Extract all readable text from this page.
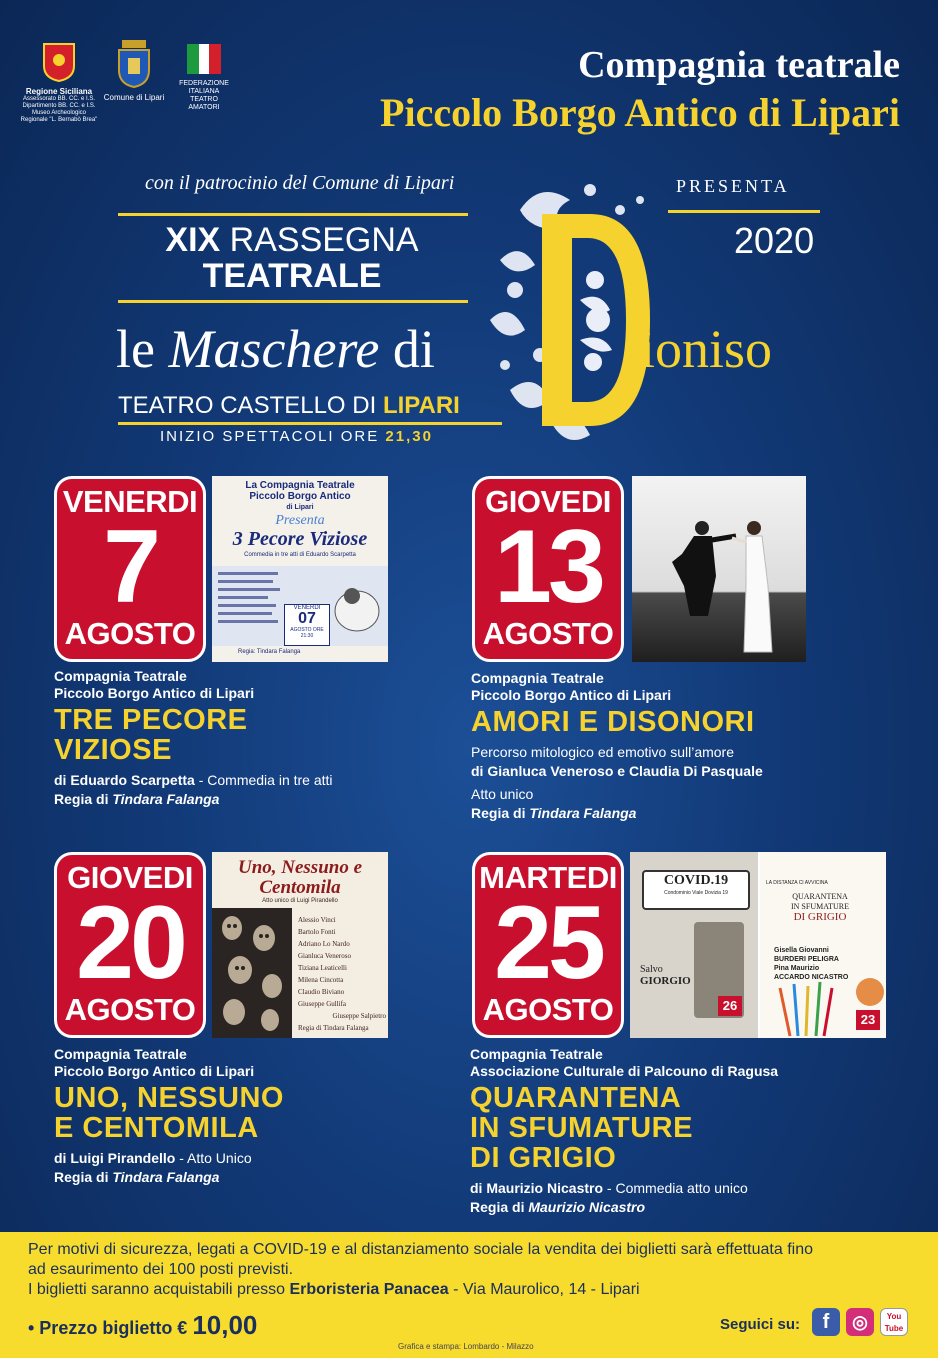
Regione Siciliana
Assessorato BB. CC. e I.S. Dipartimento BB. CC. e I.S. Museo Archeologico Regionale "L. Bernabò Brea"
Comune di Lipari
FEDERAZIONE ITALIANA TEATRO AMATORI
Compagnia teatrale
Piccolo Borgo Antico di Lipari
con il patrocinio del Comune di Lipari	PRESENTA
2020
XIX RASSEGNA
TEATRALE
le Maschere di	ioniso
TEATRO CASTELLO DI LIPARI
INIZIO SPETTACOLI ORE 21,30
VENERDI
7
AGOSTO
La Compagnia Teatrale
Piccolo Borgo Antico
di Lipari
Presenta
3 Pecore Viziose
Commedia in tre atti di Eduardo Scarpetta
VENERDI
07
AGOSTO ORE 21:30
Regia: Tindara Falanga
Compagnia Teatrale
Piccolo Borgo Antico di Lipari
TRE PECORE
VIZIOSE
di Eduardo Scarpetta - Commedia in tre atti
Regia di Tindara Falanga
GIOVEDI
13
AGOSTO
Compagnia Teatrale
Piccolo Borgo Antico di Lipari
AMORI E DISONORI
Percorso mitologico ed emotivo sull’amore
di Gianluca Veneroso e Claudia Di Pasquale
Atto unico
Regia di Tindara Falanga
GIOVEDI
20
AGOSTO
Uno, Nessuno e
Centomila
Atto unico di Luigi Pirandello
Alessio Vinci
Bartolo Fonti
Adriano Lo Nardo
Gianluca Veneroso
Tiziana Leaticelli
Milena Cincotta
Claudio Biviano
Giuseppe Gullifa
Giuseppe Salpietro
Regia di Tindara Falanga
Compagnia Teatrale
Piccolo Borgo Antico di Lipari
UNO, NESSUNO
E CENTOMILA
di Luigi Pirandello - Atto Unico
Regia di Tindara Falanga
MARTEDI
25
AGOSTO
COVID.19
Condominio Viale Dovizia 19
Salvo
GIORGIO
26
LA DISTANZA CI AVVICINA
QUARANTENA
IN SFUMATURE
DI GRIGIO
Gisella Giovanni
BURDERI PELIGRA
Pina Maurizio
ACCARDO NICASTRO
23
Compagnia Teatrale
Associazione Culturale di Palcouno di Ragusa
QUARANTENA
IN SFUMATURE
DI GRIGIO
di Maurizio Nicastro - Commedia atto unico
Regia di Maurizio Nicastro
Per motivi di sicurezza, legati a COVID-19 e al distanziamento sociale la vendita dei biglietti sarà effettuata fino
ad esaurimento dei 100 posti previsti.
I biglietti saranno acquistabili presso Erboristeria Panacea - Via Maurolico, 14 - Lipari
• Prezzo biglietto € 10,00	Seguici su:	f	◎	You Tube
Grafica e stampa: Lombardo - Milazzo
